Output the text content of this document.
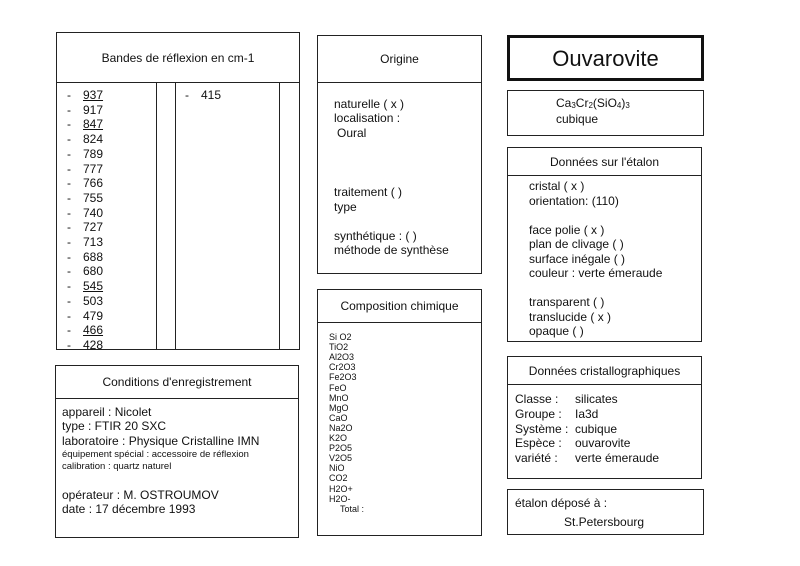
Bandes de réflexion en cm-1
- 937
- 917
- 847
- 824
- 789
- 777
- 766
- 755
- 740
- 727
- 713
- 688
- 680
- 545
- 503
- 479
- 466
- 428
- 415
Origine
naturelle ( x )
localisation :
Oural
traitement ( )
type
synthétique : ( )
méthode de synthèse
Ouvarovite
$Ca_3Cr_2(SiO_4)_3$
cubique
Données sur l'étalon
cristal ( x )
orientation: (110)
face polie ( x )
plan de clivage ( )
surface inégale ( )
couleur : verte émeraude
transparent ( )
translucide ( x )
opaque ( )
Composition chimique
Si O2
TiO2
Al2O3
Cr2O3
Fe2O3
FeO
MnO
MgO
CaO
Na2O
K2O
P2O5
V2O5
NiO
CO2
H2O+
H2O-
Total :
Données cristallographiques
Classe : silicates
Groupe : Ia3d
Système : cubique
Espèce : ouvarovite
variété : verte émeraude
étalon déposé à :
St.Petersbourg
Conditions d'enregistrement
appareil : Nicolet
type : FTIR 20 SXC
laboratoire : Physique Cristalline IMN
équipement spécial : accessoire de réflexion
calibration : quartz naturel
opérateur : M. OSTROUMOV
date : 17 décembre 1993
